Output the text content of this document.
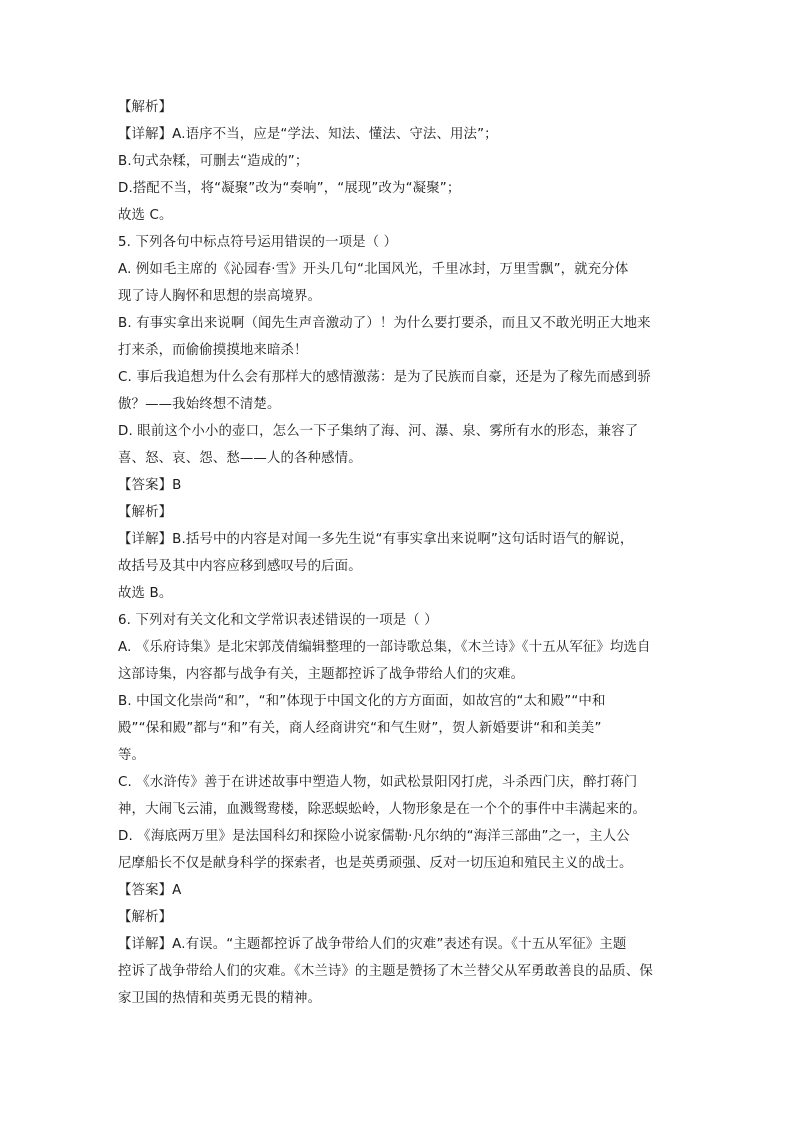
【解析】
【详解】A.语序不当，应是“学法、知法、懂法、守法、用法”；
B.句式杂糅，可删去“造成的”；
D.搭配不当，将“凝聚”改为“奏响”，“展现”改为“凝聚”；
故选 C。
5. 下列各句中标点符号运用错误的一项是（ ）
A. 例如毛主席的《沁园春·雪》开头几句“北国风光，千里冰封，万里雪飘”，就充分体
现了诗人胸怀和思想的崇高境界。
B. 有事实拿出来说啊（闻先生声音激动了）！为什么要打要杀，而且又不敢光明正大地来
打来杀，而偷偷摸摸地来暗杀！
C. 事后我追想为什么会有那样大的感情激荡：是为了民族而自豪，还是为了稼先而感到骄
傲？——我始终想不清楚。
D. 眼前这个小小的壶口，怎么一下子集纳了海、河、瀑、泉、雾所有水的形态，兼容了
喜、怒、哀、怨、愁——人的各种感情。
【答案】B
【解析】
【详解】B.括号中的内容是对闻一多先生说“有事实拿出来说啊”这句话时语气的解说，
故括号及其中内容应移到感叹号的后面。
故选 B。
6. 下列对有关文化和文学常识表述错误的一项是（ ）
A. 《乐府诗集》是北宋郭茂倩编辑整理的一部诗歌总集，《木兰诗》《十五从军征》均选自
这部诗集，内容都与战争有关，主题都控诉了战争带给人们的灾难。
B. 中国文化崇尚“和”，“和”体现于中国文化的方方面面，如故宫的“太和殿”“中和
殿”“保和殿”都与“和”有关，商人经商讲究“和气生财”，贺人新婚要讲“和和美美”
等。
C. 《水浒传》善于在讲述故事中塑造人物，如武松景阳冈打虎，斗杀西门庆，醉打蒋门
神，大闹飞云浦，血溅鸳鸯楼，除恶蜈蚣岭，人物形象是在一个个的事件中丰满起来的。
D. 《海底两万里》是法国科幻和探险小说家儒勒·凡尔纳的“海洋三部曲”之一，主人公
尼摩船长不仅是献身科学的探索者，也是英勇顽强、反对一切压迫和殖民主义的战士。
【答案】A
【解析】
【详解】A.有误。“主题都控诉了战争带给人们的灾难”表述有误。《十五从军征》主题
控诉了战争带给人们的灾难。《木兰诗》的主题是赞扬了木兰替父从军勇敢善良的品质、保
家卫国的热情和英勇无畏的精神。
